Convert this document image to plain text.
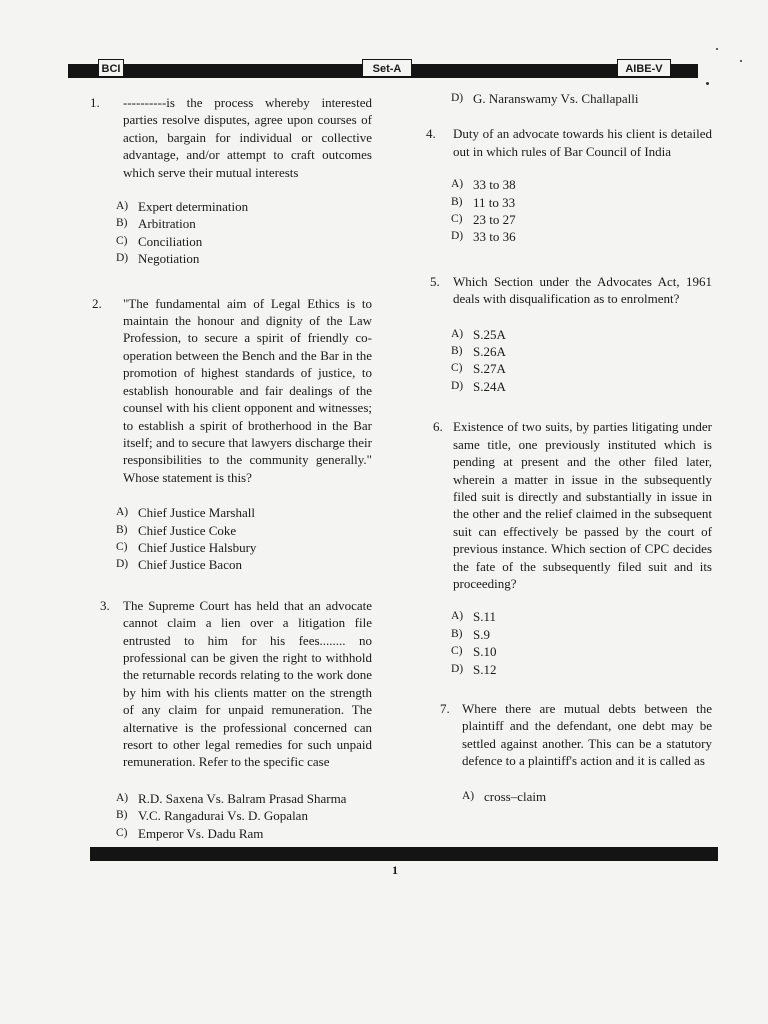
BCI	Set-A	AIBE-V
1.	----------is the process whereby interested parties resolve disputes, agree upon courses of action, bargain for individual or collective advantage, and/or attempt to craft outcomes which serve their mutual interests
A) Expert determination
B) Arbitration
C) Conciliation
D) Negotiation
2.	"The fundamental aim of Legal Ethics is to maintain the honour and dignity of the Law Profession, to secure a spirit of friendly co-operation between the Bench and the Bar in the promotion of highest standards of justice, to establish honourable and fair dealings of the counsel with his client opponent and witnesses; to establish a spirit of brotherhood in the Bar itself; and to secure that lawyers discharge their responsibilities to the community generally." Whose statement is this?
A) Chief Justice Marshall
B) Chief Justice Coke
C) Chief Justice Halsbury
D) Chief Justice Bacon
3.	The Supreme Court has held that an advocate cannot claim a lien over a litigation file entrusted to him for his fees........ no professional can be given the right to withhold the returnable records relating to the work done by him with his clients matter on the strength of any claim for unpaid remuneration. The alternative is the professional concerned can resort to other legal remedies for such unpaid remuneration. Refer to the specific case
A) R.D. Saxena Vs. Balram Prasad Sharma
B) V.C. Rangadurai Vs. D. Gopalan
C) Emperor Vs. Dadu Ram
D) G. Naranswamy Vs. Challapalli
4.	Duty of an advocate towards his client is detailed out in which rules of Bar Council of India
A) 33 to 38
B) 11 to 33
C) 23 to 27
D) 33 to 36
5.	Which Section under the Advocates Act, 1961 deals with disqualification as to enrolment?
A) S.25A
B) S.26A
C) S.27A
D) S.24A
6. Existence of two suits, by parties litigating under same title, one previously instituted which is pending at present and the other filed later, wherein a matter in issue in the subsequently filed suit is directly and substantially in issue in the other and the relief claimed in the subsequent suit can effectively be passed by the court of previous instance. Which section of CPC decides the fate of the subsequently filed suit and its proceeding?
A) S.11
B) S.9
C) S.10
D) S.12
7. Where there are mutual debts between the plaintiff and the defendant, one debt may be settled against another. This can be a statutory defence to a plaintiff's action and it is called as
A) cross–claim
1
